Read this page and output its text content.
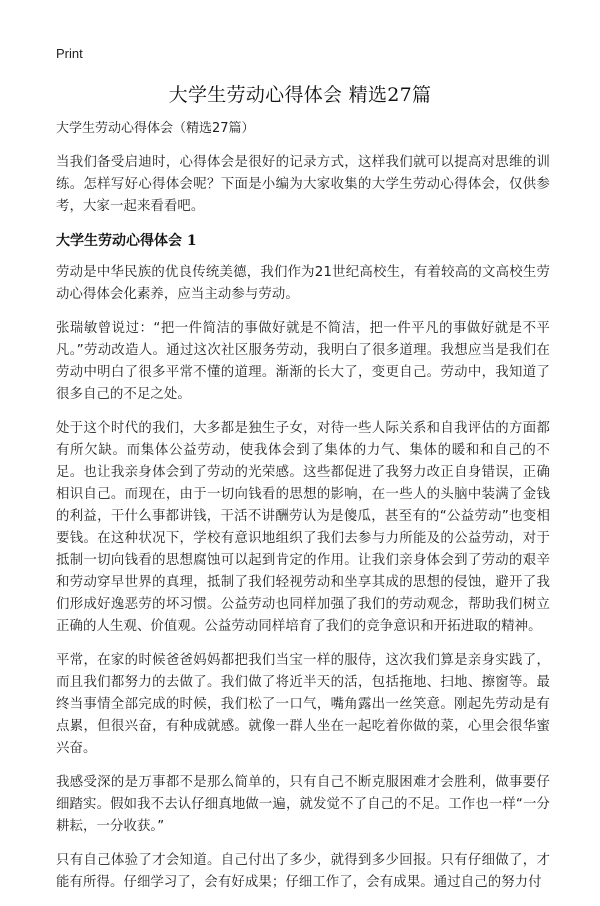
Print
大学生劳动心得体会 精选27篇

大学生劳动心得体会（精选27篇）

当我们备受启迪时，心得体会是很好的记录方式，这样我们就可以提高对思维的训练。怎样写好心得体会呢？下面是小编为大家收集的大学生劳动心得体会，仅供参考，大家一起来看看吧。

大学生劳动心得体会 1

劳动是中华民族的优良传统美德，我们作为21世纪高校生，有着较高的文高校生劳动心得体会化素养，应当主动参与劳动。

张瑞敏曾说过：“把一件简洁的事做好就是不简洁，把一件平凡的事做好就是不平凡。”劳动改造人。通过这次社区服务劳动，我明白了很多道理。我想应当是我们在劳动中明白了很多平常不懂的道理。渐渐的长大了，变更自己。劳动中，我知道了很多自己的不足之处。

处于这个时代的我们，大多都是独生子女，对待一些人际关系和自我评估的方面都有所欠缺。而集体公益劳动，使我体会到了集体的力气、集体的暖和和自己的不足。也让我亲身体会到了劳动的光荣感。这些都促进了我努力改正自身错误，正确相识自己。而现在，由于一切向钱看的思想的影响，在一些人的头脑中装满了金钱的利益，干什么事都讲钱，干活不讲酬劳认为是傻瓜，甚至有的“公益劳动”也变相要钱。在这种状况下，学校有意识地组织了我们去参与力所能及的公益劳动，对于抵制一切向钱看的思想腐蚀可以起到肯定的作用。让我们亲身体会到了劳动的艰辛和劳动穿早世界的真理，抵制了我们轻视劳动和坐享其成的思想的侵蚀，避开了我们形成好逸恶劳的坏习惯。公益劳动也同样加强了我们的劳动观念，帮助我们树立正确的人生观、价值观。公益劳动同样培育了我们的竞争意识和开拓进取的精神。

平常，在家的时候爸爸妈妈都把我们当宝一样的服侍，这次我们算是亲身实践了，而且我们都努力的去做了。我们做了将近半天的活，包括拖地、扫地、擦窗等。最终当事情全部完成的时候，我们松了一口气，嘴角露出一丝笑意。刚起先劳动是有点累，但很兴奋，有种成就感。就像一群人坐在一起吃着你做的菜，心里会很华蜜兴奋。

我感受深的是万事都不是那么简单的，只有自己不断克服困难才会胜利，做事要仔细踏实。假如我不去认仔细真地做一遍，就发觉不了自己的不足。工作也一样“一分耕耘，一分收获。”

只有自己体验了才会知道。自己付出了多少，就得到多少回报。只有仔细做了，才能有所得。仔细学习了，会有好成果；仔细工作了，会有成果。通过自己的努力付
